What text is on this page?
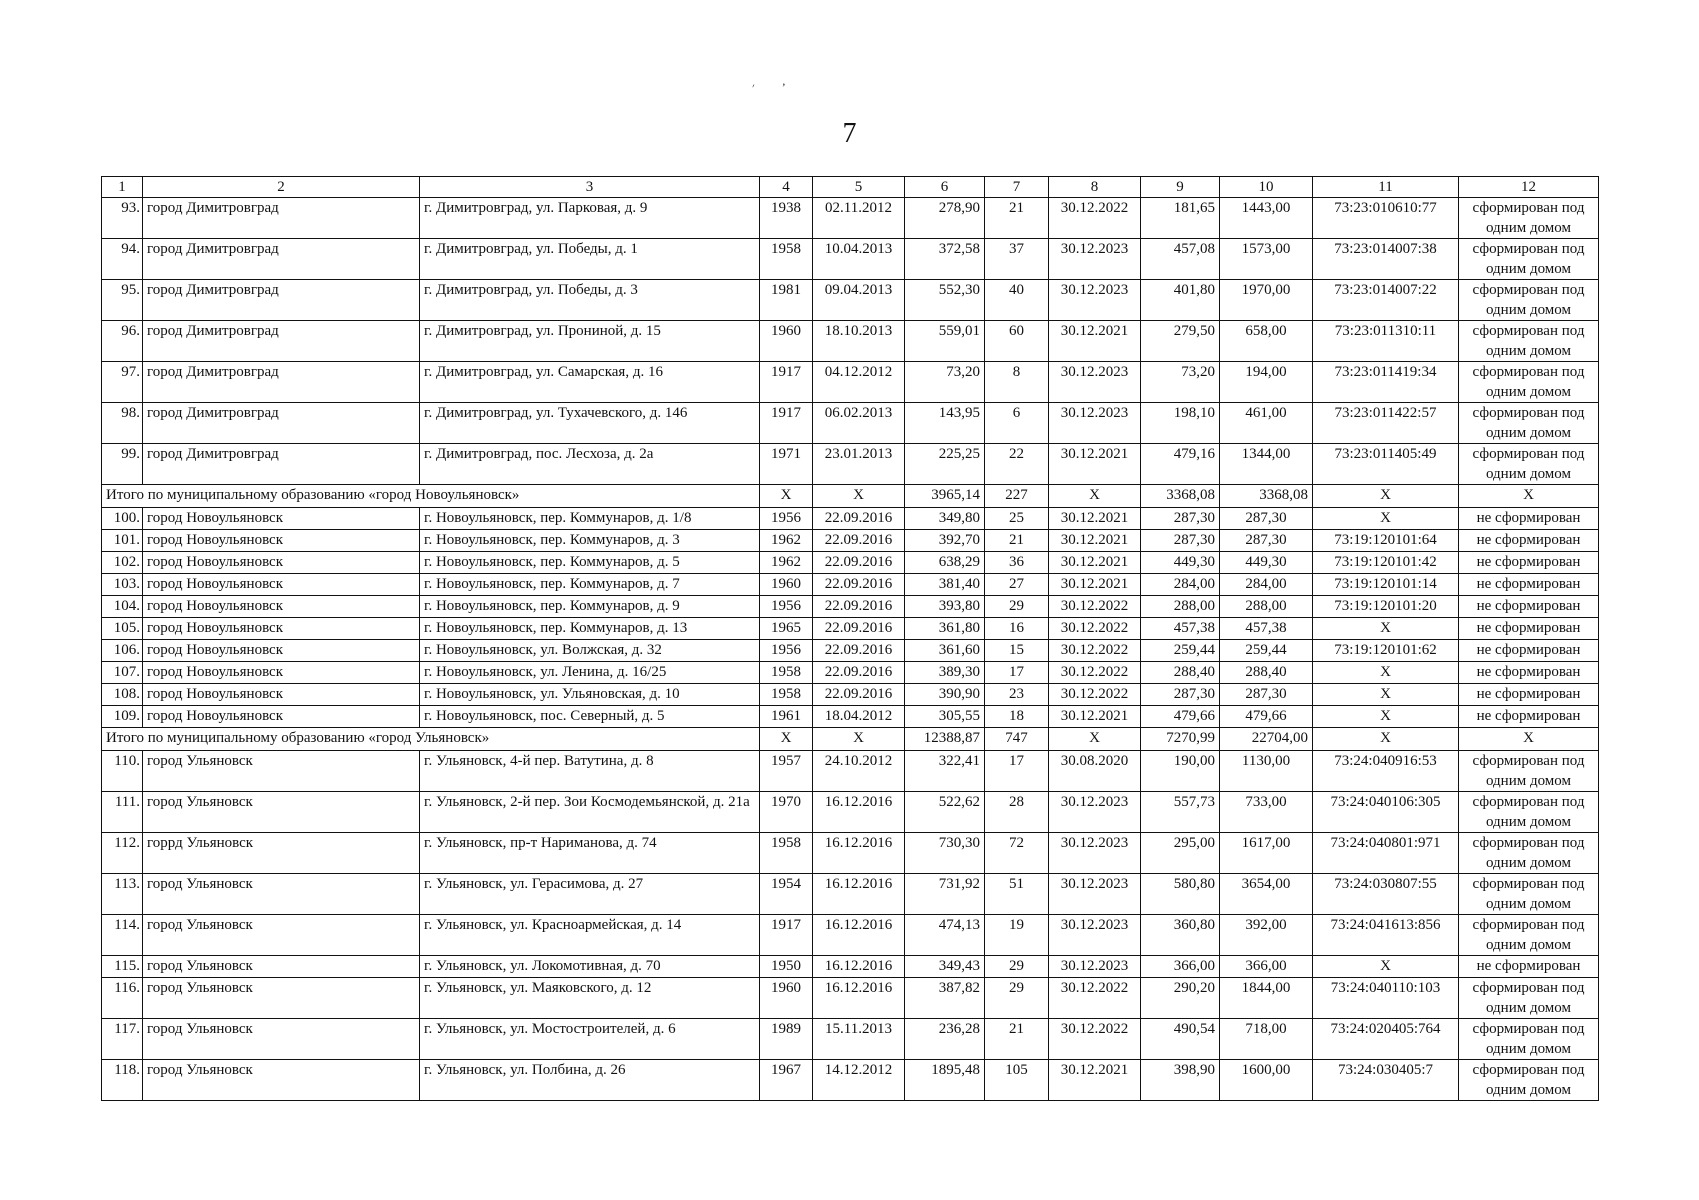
7
׳         ’
1	2	3	4	5	6	7	8	9	10	11	12
93.	город Димитровград	г. Димитровград, ул. Парковая, д. 9	1938	02.11.2012	278,90	21	30.12.2022	181,65	1443,00	73:23:010610:77	сформирован под одним домом
94.	город Димитровград	г. Димитровград, ул. Победы, д. 1	1958	10.04.2013	372,58	37	30.12.2023	457,08	1573,00	73:23:014007:38	сформирован под одним домом
95.	город Димитровград	г. Димитровград, ул. Победы, д. 3	1981	09.04.2013	552,30	40	30.12.2023	401,80	1970,00	73:23:014007:22	сформирован под одним домом
96.	город Димитровград	г. Димитровград, ул. Прониной, д. 15	1960	18.10.2013	559,01	60	30.12.2021	279,50	658,00	73:23:011310:11	сформирован под одним домом
97.	город Димитровград	г. Димитровград, ул. Самарская, д. 16	1917	04.12.2012	73,20	8	30.12.2023	73,20	194,00	73:23:011419:34	сформирован под одним домом
98.	город Димитровград	г. Димитровград, ул. Тухачевского, д. 146	1917	06.02.2013	143,95	6	30.12.2023	198,10	461,00	73:23:011422:57	сформирован под одним домом
99.	город Димитровград	г. Димитровград, пос. Лесхоза, д. 2а	1971	23.01.2013	225,25	22	30.12.2021	479,16	1344,00	73:23:011405:49	сформирован под одним домом
Итого по муниципальному образованию «город Новоульяновск»			X	X	3965,14	227	X	3368,08	3368,08	X	X
100.	город Новоульяновск	г. Новоульяновск, пер. Коммунаров, д. 1/8	1956	22.09.2016	349,80	25	30.12.2021	287,30	287,30	X	не сформирован
101.	город Новоульяновск	г. Новоульяновск, пер. Коммунаров, д. 3	1962	22.09.2016	392,70	21	30.12.2021	287,30	287,30	73:19:120101:64	не сформирован
102.	город Новоульяновск	г. Новоульяновск, пер. Коммунаров, д. 5	1962	22.09.2016	638,29	36	30.12.2021	449,30	449,30	73:19:120101:42	не сформирован
103.	город Новоульяновск	г. Новоульяновск, пер. Коммунаров, д. 7	1960	22.09.2016	381,40	27	30.12.2021	284,00	284,00	73:19:120101:14	не сформирован
104.	город Новоульяновск	г. Новоульяновск, пер. Коммунаров, д. 9	1956	22.09.2016	393,80	29	30.12.2022	288,00	288,00	73:19:120101:20	не сформирован
105.	город Новоульяновск	г. Новоульяновск, пер. Коммунаров, д. 13	1965	22.09.2016	361,80	16	30.12.2022	457,38	457,38	X	не сформирован
106.	город Новоульяновск	г. Новоульяновск, ул. Волжская, д. 32	1956	22.09.2016	361,60	15	30.12.2022	259,44	259,44	73:19:120101:62	не сформирован
107.	город Новоульяновск	г. Новоульяновск, ул. Ленина, д. 16/25	1958	22.09.2016	389,30	17	30.12.2022	288,40	288,40	X	не сформирован
108.	город Новоульяновск	г. Новоульяновск, ул. Ульяновская, д. 10	1958	22.09.2016	390,90	23	30.12.2022	287,30	287,30	X	не сформирован
109.	город Новоульяновск	г. Новоульяновск, пос. Северный, д. 5	1961	18.04.2012	305,55	18	30.12.2021	479,66	479,66	X	не сформирован
Итого по муниципальному образованию «город Ульяновск»			X	X	12388,87	747	X	7270,99	22704,00	X	X
110.	город Ульяновск	г. Ульяновск, 4-й пер. Ватутина, д. 8	1957	24.10.2012	322,41	17	30.08.2020	190,00	1130,00	73:24:040916:53	сформирован под одним домом
111.	город Ульяновск	г. Ульяновск, 2-й пер. Зои Космодемьянской, д. 21а	1970	16.12.2016	522,62	28	30.12.2023	557,73	733,00	73:24:040106:305	сформирован под одним домом
112.	горрд Ульяновск	г. Ульяновск, пр-т Нариманова, д. 74	1958	16.12.2016	730,30	72	30.12.2023	295,00	1617,00	73:24:040801:971	сформирован под одним домом
113.	город Ульяновск	г. Ульяновск, ул. Герасимова, д. 27	1954	16.12.2016	731,92	51	30.12.2023	580,80	3654,00	73:24:030807:55	сформирован под одним домом
114.	город Ульяновск	г. Ульяновск, ул. Красноармейская, д. 14	1917	16.12.2016	474,13	19	30.12.2023	360,80	392,00	73:24:041613:856	сформирован под одним домом
115.	город Ульяновск	г. Ульяновск, ул. Локомотивная, д. 70	1950	16.12.2016	349,43	29	30.12.2023	366,00	366,00	X	не сформирован
116.	город Ульяновск	г. Ульяновск, ул. Маяковского, д. 12	1960	16.12.2016	387,82	29	30.12.2022	290,20	1844,00	73:24:040110:103	сформирован под одним домом
117.	город Ульяновск	г. Ульяновск, ул. Мостостроителей, д. 6	1989	15.11.2013	236,28	21	30.12.2022	490,54	718,00	73:24:020405:764	сформирован под одним домом
118.	город Ульяновск	г. Ульяновск, ул. Полбина, д. 26	1967	14.12.2012	1895,48	105	30.12.2021	398,90	1600,00	73:24:030405:7	сформирован под одним домом
